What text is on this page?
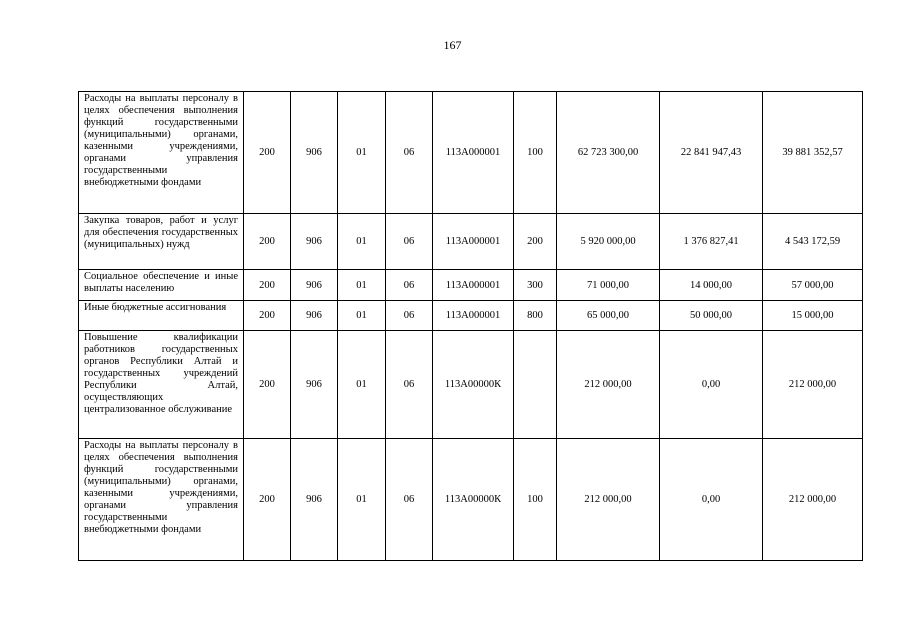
167
Расходы на выплаты персоналу в целях обеспечения выполнения функций государственными (муниципальными) органами, казенными учреждениями, органами управления государственными внебюджетными фондами	200	906	01	06	113А000001	100	62 723 300,00	22 841 947,43	39 881 352,57
Закупка товаров, работ и услуг для обеспечения государственных (муниципальных) нужд	200	906	01	06	113А000001	200	5 920 000,00	1 376 827,41	4 543 172,59
Социальное обеспечение и иные выплаты населению	200	906	01	06	113А000001	300	71 000,00	14 000,00	57 000,00
Иные бюджетные ассигнования	200	906	01	06	113А000001	800	65 000,00	50 000,00	15 000,00
Повышение квалификации работников государственных органов Республики Алтай и государственных учреждений Республики Алтай, осуществляющих централизованное обслуживание	200	906	01	06	113А00000К		212 000,00	0,00	212 000,00
Расходы на выплаты персоналу в целях обеспечения выполнения функций государственными (муниципальными) органами, казенными учреждениями, органами управления государственными внебюджетными фондами	200	906	01	06	113А00000К	100	212 000,00	0,00	212 000,00
